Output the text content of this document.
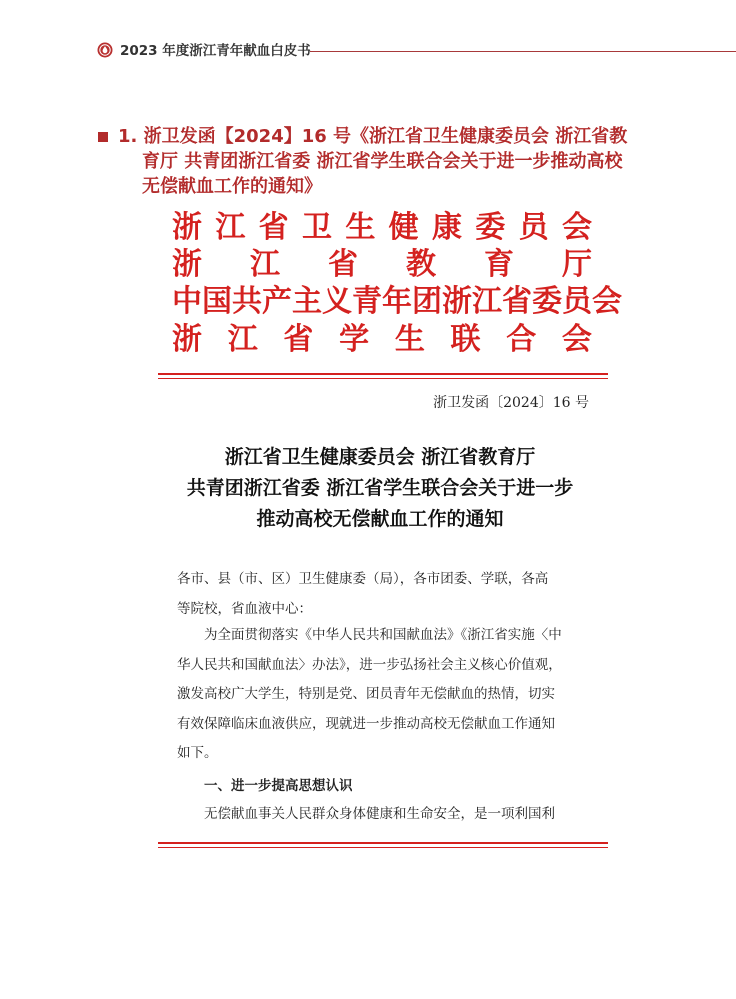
2023 年度浙江青年献血白皮书
1. 浙卫发函【2024】16 号《浙江省卫生健康委员会 浙江省教
育厅 共青团浙江省委 浙江省学生联合会关于进一步推动高校
无偿献血工作的通知》
浙 江 省 卫 生 健 康 委 员 会
浙 江 省 教 育 厅
中 国 共 产 主 义 青 年 团 浙 江 省 委 员 会
浙 江 省 学 生 联 合 会
浙卫发函〔2024〕16 号
浙江省卫生健康委员会 浙江省教育厅
共青团浙江省委 浙江省学生联合会关于进一步
推动高校无偿献血工作的通知
各市、县（市、区）卫生健康委（局），各市团委、学联，各高
等院校，省血液中心：
为全面贯彻落实《中华人民共和国献血法》《浙江省实施〈中
华人民共和国献血法〉办法》，进一步弘扬社会主义核心价值观，
激发高校广大学生，特别是党、团员青年无偿献血的热情，切实
有效保障临床血液供应，现就进一步推动高校无偿献血工作通知
如下。
一、进一步提高思想认识
无偿献血事关人民群众身体健康和生命安全，是一项利国利
